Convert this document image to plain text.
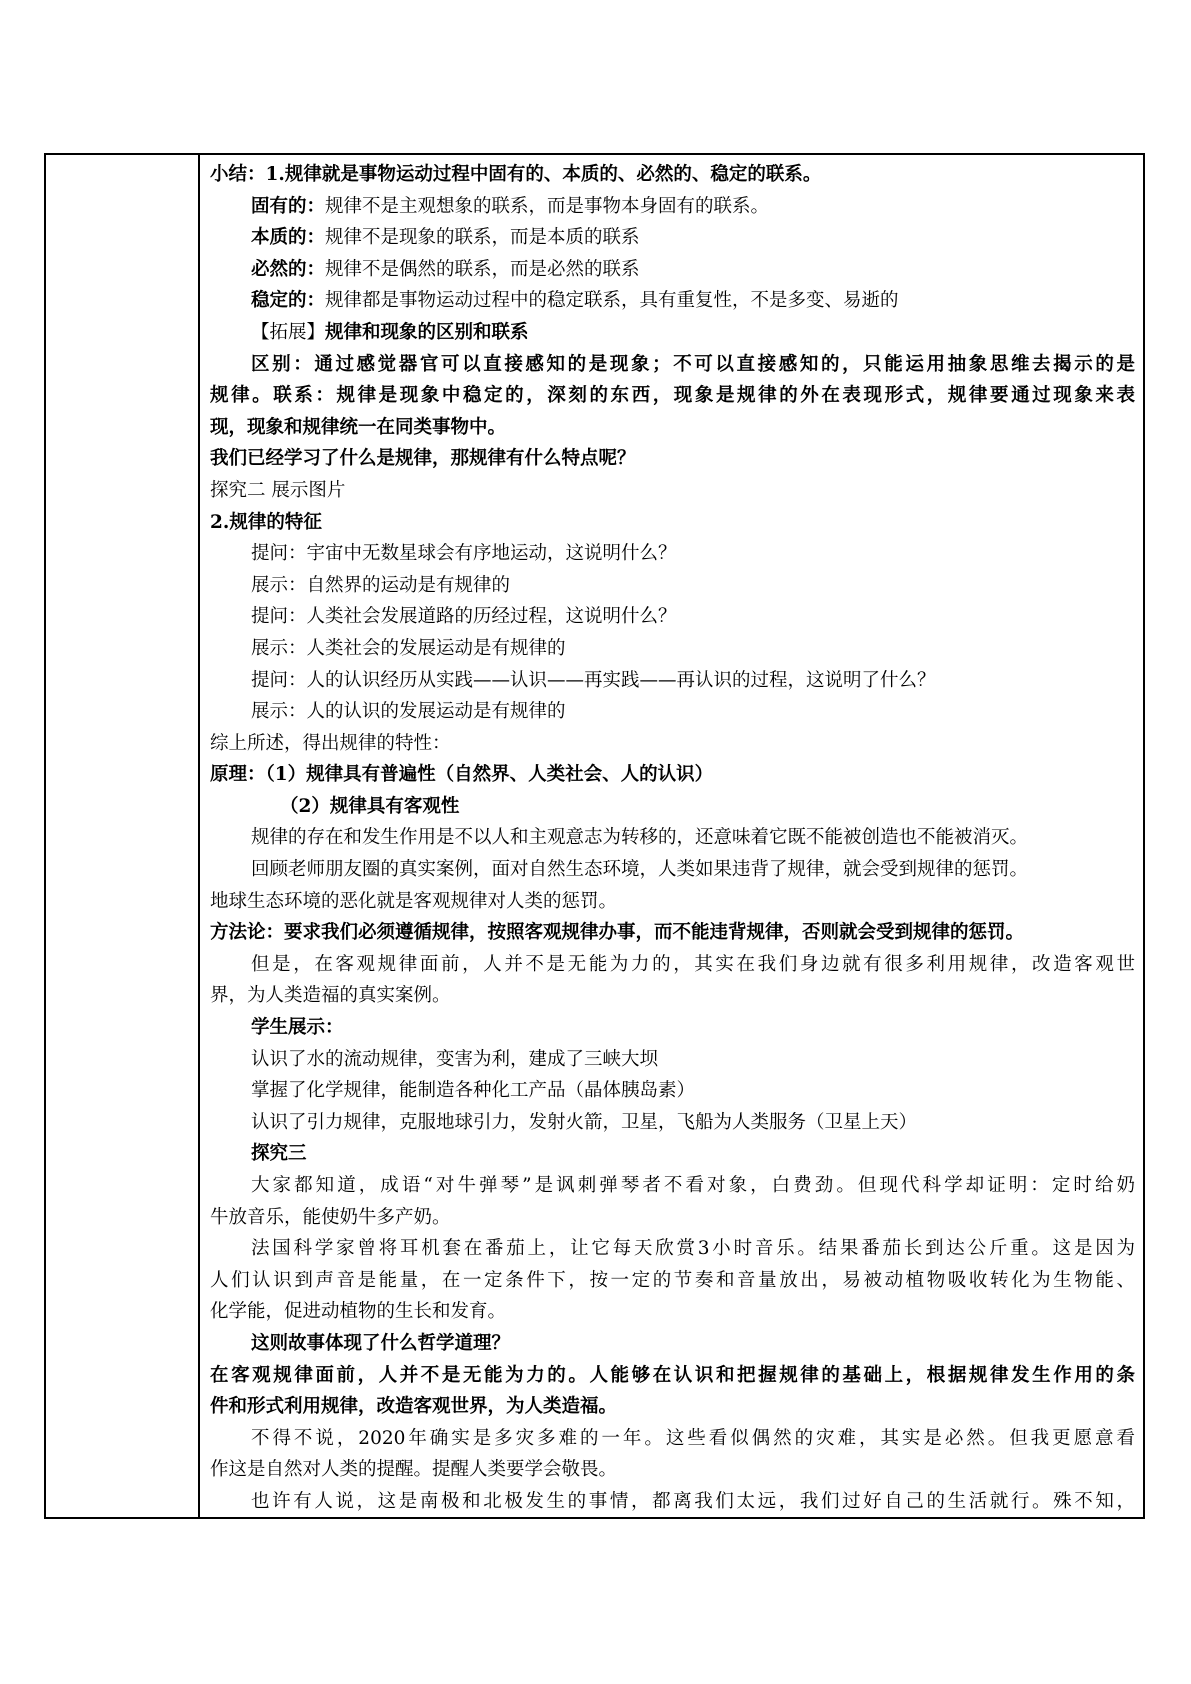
小结：1.规律就是事物运动过程中固有的、本质的、必然的、稳定的联系。
固有的：规律不是主观想象的联系，而是事物本身固有的联系。
本质的：规律不是现象的联系，而是本质的联系
必然的：规律不是偶然的联系，而是必然的联系
稳定的：规律都是事物运动过程中的稳定联系，具有重复性，不是多变、易逝的
【拓展】规律和现象的区别和联系
区别：通过感觉器官可以直接感知的是现象；不可以直接感知的，只能运用抽象思维去揭示的是
规律。联系：规律是现象中稳定的，深刻的东西，现象是规律的外在表现形式，规律要通过现象来表
现，现象和规律统一在同类事物中。
我们已经学习了什么是规律，那规律有什么特点呢？
探究二 展示图片
2.规律的特征
提问：宇宙中无数星球会有序地运动，这说明什么？
展示：自然界的运动是有规律的
提问：人类社会发展道路的历经过程，这说明什么？
展示：人类社会的发展运动是有规律的
提问：人的认识经历从实践——认识——再实践——再认识的过程，这说明了什么？
展示：人的认识的发展运动是有规律的
综上所述，得出规律的特性：
原理：（1）规律具有普遍性（自然界、人类社会、人的认识）
（2）规律具有客观性
规律的存在和发生作用是不以人和主观意志为转移的，还意味着它既不能被创造也不能被消灭。
回顾老师朋友圈的真实案例，面对自然生态环境，人类如果违背了规律，就会受到规律的惩罚。
地球生态环境的恶化就是客观规律对人类的惩罚。
方法论：要求我们必须遵循规律，按照客观规律办事，而不能违背规律，否则就会受到规律的惩罚。
但是，在客观规律面前，人并不是无能为力的，其实在我们身边就有很多利用规律，改造客观世
界，为人类造福的真实案例。
学生展示：
认识了水的流动规律，变害为利，建成了三峡大坝
掌握了化学规律，能制造各种化工产品（晶体胰岛素）
认识了引力规律，克服地球引力，发射火箭，卫星，飞船为人类服务（卫星上天）
探究三
大家都知道，成语“对牛弹琴”是讽刺弹琴者不看对象，白费劲。但现代科学却证明：定时给奶
牛放音乐，能使奶牛多产奶。
法国科学家曾将耳机套在番茄上，让它每天欣赏3小时音乐。结果番茄长到达公斤重。这是因为
人们认识到声音是能量，在一定条件下，按一定的节奏和音量放出，易被动植物吸收转化为生物能、
化学能，促进动植物的生长和发育。
这则故事体现了什么哲学道理？
在客观规律面前，人并不是无能为力的。人能够在认识和把握规律的基础上，根据规律发生作用的条
件和形式利用规律，改造客观世界，为人类造福。
不得不说，2020年确实是多灾多难的一年。这些看似偶然的灾难，其实是必然。但我更愿意看
作这是自然对人类的提醒。提醒人类要学会敬畏。
也许有人说，这是南极和北极发生的事情，都离我们太远，我们过好自己的生活就行。殊不知，
